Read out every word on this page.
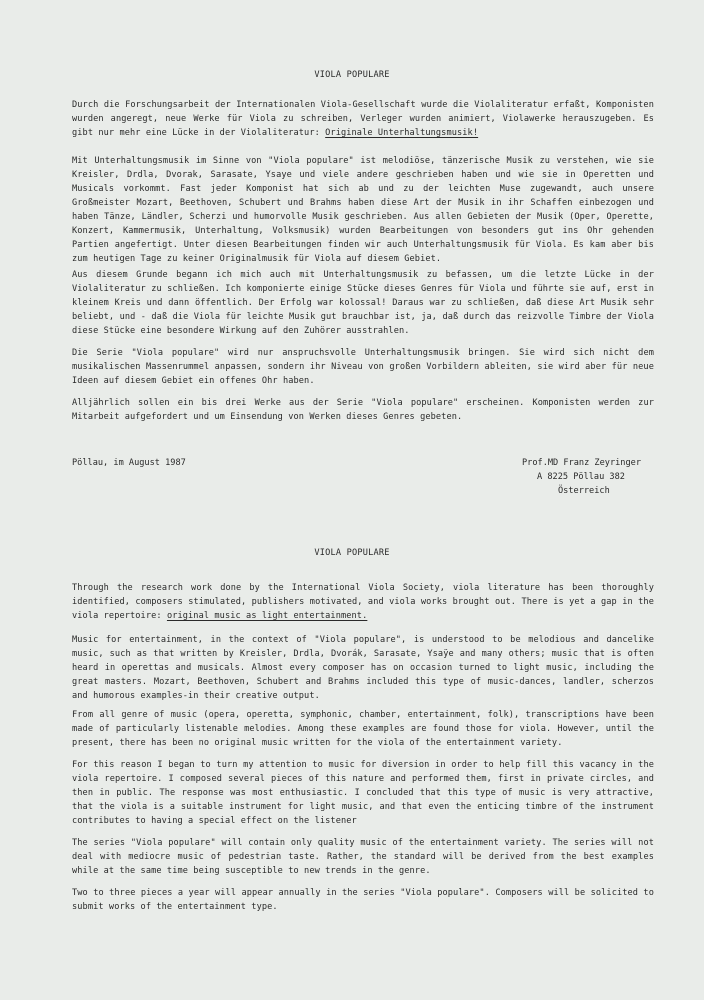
VIOLA POPULARE
Durch die Forschungsarbeit der Internationalen Viola-Gesellschaft wurde die Violaliteratur erfaßt, Komponisten wurden angeregt, neue Werke für Viola zu schreiben, Verleger wurden animiert, Violawerke herauszugeben. Es gibt nur mehr eine Lücke in der Violaliteratur: Originale Unterhaltungsmusik!
Mit Unterhaltungsmusik im Sinne von "Viola populare" ist melodiöse, tänzerische Musik zu verstehen, wie sie Kreisler, Drdla, Dvorak, Sarasate, Ysaye und viele andere geschrieben haben und wie sie in Operetten und Musicals vorkommt. Fast jeder Komponist hat sich ab und zu der leichten Muse zugewandt, auch unsere Großmeister Mozart, Beethoven, Schubert und Brahms haben diese Art der Musik in ihr Schaffen einbezogen und haben Tänze, Ländler, Scherzi und humorvolle Musik geschrieben. Aus allen Gebieten der Musik (Oper, Operette, Konzert, Kammermusik, Unterhaltung, Volksmusik) wurden Bearbeitungen von besonders gut ins Ohr gehenden Partien angefertigt. Unter diesen Bearbeitungen finden wir auch Unterhaltungsmusik für Viola. Es kam aber bis zum heutigen Tage zu keiner Originalmusik für Viola auf diesem Gebiet.
Aus diesem Grunde begann ich mich auch mit Unterhaltungsmusik zu befassen, um die letzte Lücke in der Violaliteratur zu schließen. Ich komponierte einige Stücke dieses Genres für Viola und führte sie auf, erst in kleinem Kreis und dann öffentlich. Der Erfolg war kolossal! Daraus war zu schließen, daß diese Art Musik sehr beliebt, und - daß die Viola für leichte Musik gut brauchbar ist, ja, daß durch das reizvolle Timbre der Viola diese Stücke eine besondere Wirkung auf den Zuhörer ausstrahlen.
Die Serie "Viola populare" wird nur anspruchsvolle Unterhaltungsmusik bringen. Sie wird sich nicht dem musikalischen Massenrummel anpassen, sondern ihr Niveau von großen Vorbildern ableiten, sie wird aber für neue Ideen auf diesem Gebiet ein offenes Ohr haben.
Alljährlich sollen ein bis drei Werke aus der Serie "Viola populare" erscheinen. Komponisten werden zur Mitarbeit aufgefordert und um Einsendung von Werken dieses Genres gebeten.
Pöllau, im August 1987	Prof.MD Franz Zeyringer
A 8225 Pöllau 382
Österreich
VIOLA POPULARE
Through the research work done by the International Viola Society, viola literature has been thoroughly identified, composers stimulated, publishers motivated, and viola works brought out. There is yet a gap in the viola repertoire: original music as light entertainment.
Music for entertainment, in the context of "Viola populare", is understood to be melodious and dancelike music, such as that written by Kreisler, Drdla, Dvorák, Sarasate, Ysaÿe and many others; music that is often heard in operettas and musicals. Almost every composer has on occasion turned to light music, including the great masters. Mozart, Beethoven, Schubert and Brahms included this type of music-dances, landler, scherzos and humorous examples-in their creative output.
From all genre of music (opera, operetta, symphonic, chamber, entertainment, folk), transcriptions have been made of particularly listenable melodies. Among these examples are found those for viola. However, until the present, there has been no original music written for the viola of the entertainment variety.
For this reason I began to turn my attention to music for diversion in order to help fill this vacancy in the viola repertoire. I composed several pieces of this nature and performed them, first in private circles, and then in public. The response was most enthusiastic. I concluded that this type of music is very attractive, that the viola is a suitable instrument for light music, and that even the enticing timbre of the instrument contributes to having a special effect on the listener
The series "Viola populare" will contain only quality music of the entertainment variety. The series will not deal with mediocre music of pedestrian taste. Rather, the standard will be derived from the best examples while at the same time being susceptible to new trends in the genre.
Two to three pieces a year will appear annually in the series "Viola populare". Composers will be solicited to submit works of the entertainment type.
